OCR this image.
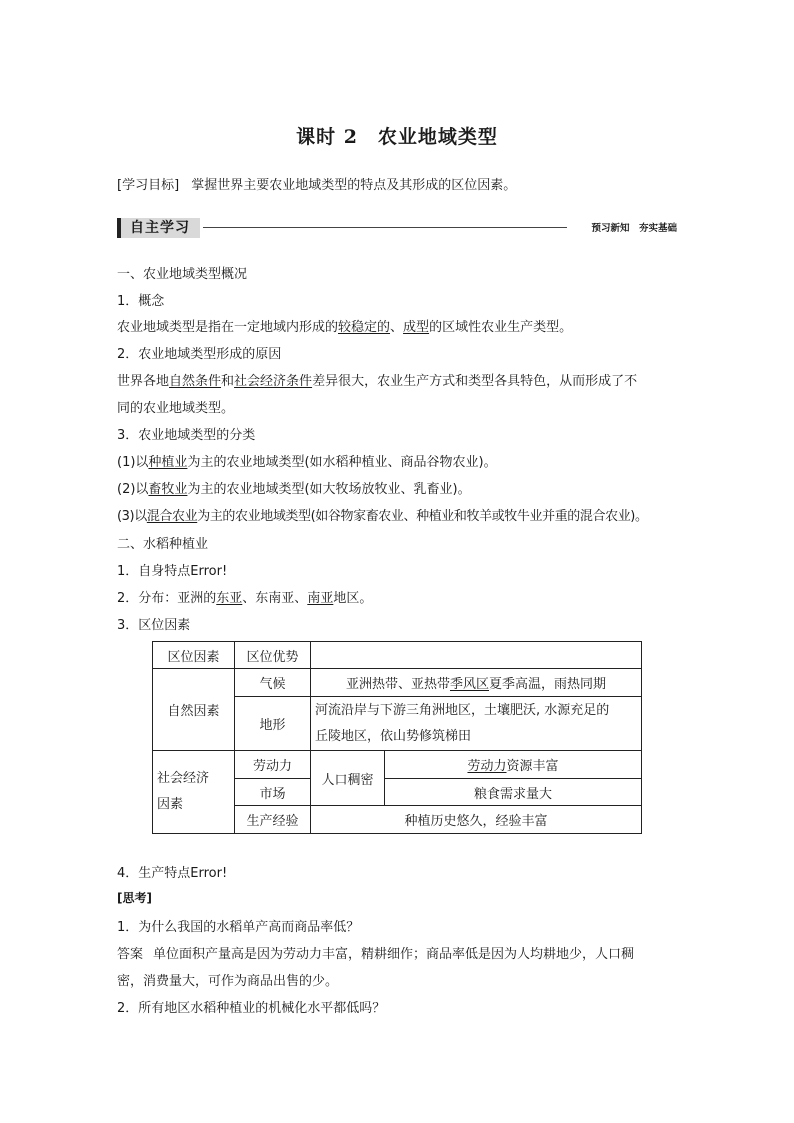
课时 2　农业地域类型
[学习目标] 掌握世界主要农业地域类型的特点及其形成的区位因素。
自主学习	预习新知　夯实基础
一、农业地域类型概况
1．概念
农业地域类型是指在一定地域内形成的较稳定的、成型的区域性农业生产类型。
2．农业地域类型形成的原因
世界各地自然条件和社会经济条件差异很大，农业生产方式和类型各具特色，从而形成了不
同的农业地域类型。
3．农业地域类型的分类
(1)以种植业为主的农业地域类型(如水稻种植业、商品谷物农业)。
(2)以畜牧业为主的农业地域类型(如大牧场放牧业、乳畜业)。
(3)以混合农业为主的农业地域类型(如谷物家畜农业、种植业和牧羊或牧牛业并重的混合农业)。
二、水稻种植业
1．自身特点Error!
2．分布：亚洲的东亚、东南亚、南亚地区。
3．区位因素
区位因素	区位优势		
自然因素	气候	亚洲热带、亚热带季风区夏季高温，雨热同期	
	地形	河流沿岸与下游三角洲地区，土壤肥沃, 水源充足的
丘陵地区，依山势修筑梯田	

社会经济
因素	劳动力	人口稠密	劳动力资源丰富
	市场		粮食需求量大
	生产经验	种植历史悠久，经验丰富	
4．生产特点Error!
[思考]
1．为什么我国的水稻单产高而商品率低？
答案 单位面积产量高是因为劳动力丰富，精耕细作；商品率低是因为人均耕地少，人口稠
密，消费量大，可作为商品出售的少。
2．所有地区水稻种植业的机械化水平都低吗？
